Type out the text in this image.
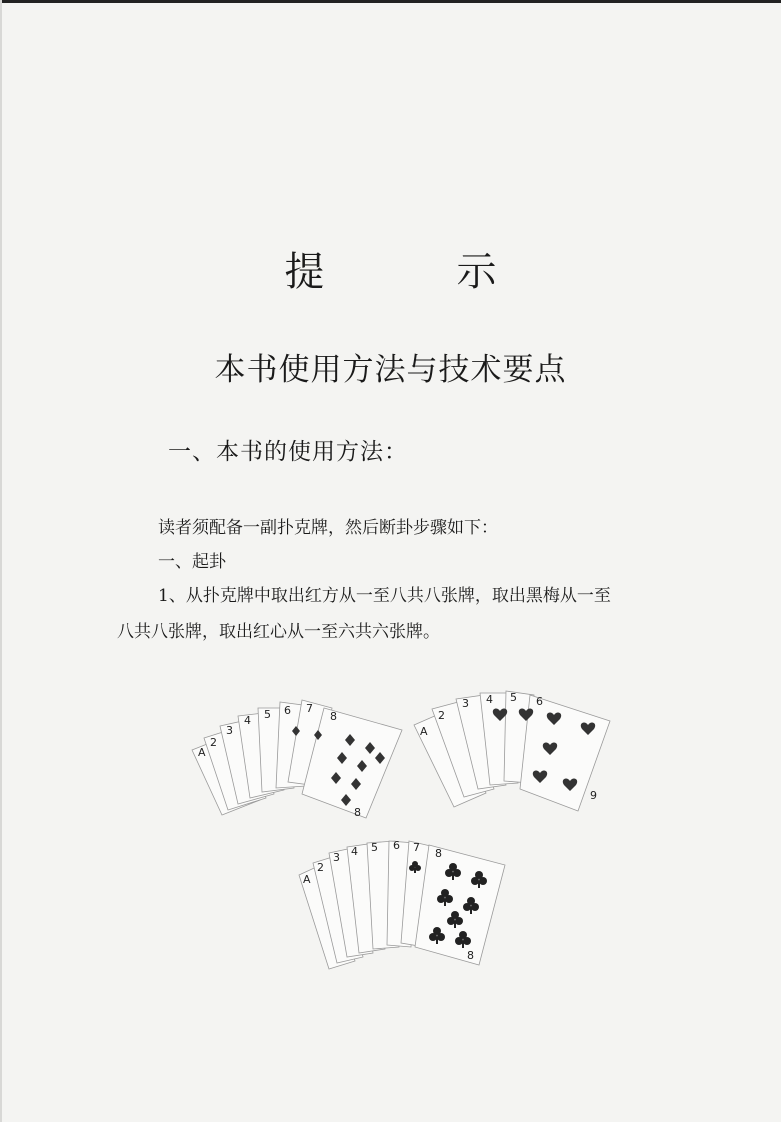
提　示
本书使用方法与技术要点
一、本书的使用方法：
读者须配备一副扑克牌，然后断卦步骤如下：
一、起卦
1、从扑克牌中取出红方从一至八共八张牌，取出黑梅从一至
八共八张牌，取出红心从一至六共六张牌。
A
2
3
4 5 6 7
8
8
A
2
3 4 5 6
9
A
2
3 4 5 6 7 8
8
